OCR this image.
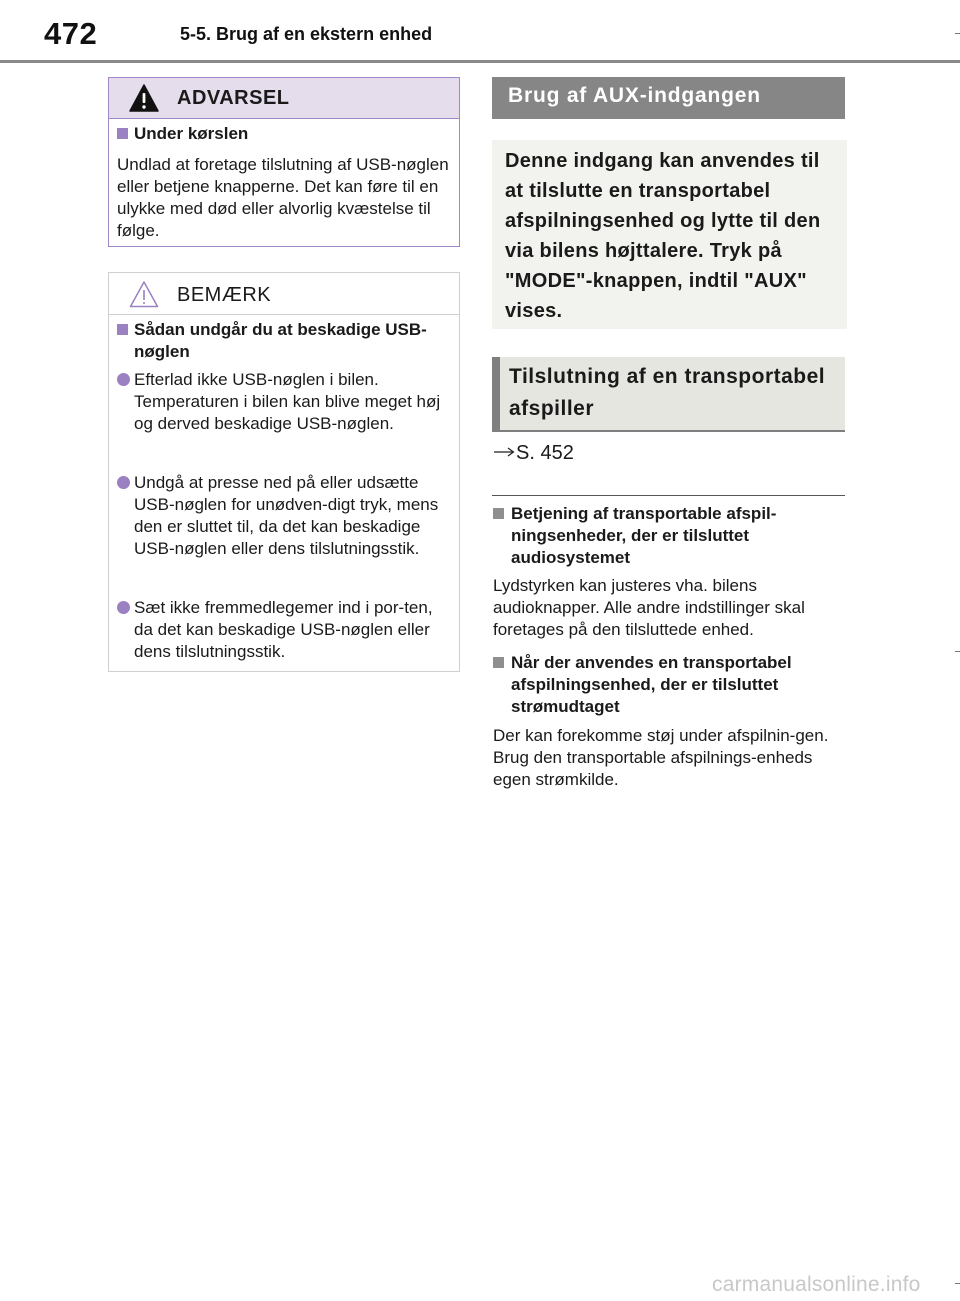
472	5-5. Brug af en ekstern enhed
ADVARSEL
Under kørslen
Undlad at foretage tilslutning af USB-nøglen eller betjene knapperne. Det kan føre til en ulykke med død eller alvorlig kvæstelse til følge.
BEMÆRK
Sådan undgår du at beskadige USB-nøglen
Efterlad ikke USB-nøglen i bilen. Temperaturen i bilen kan blive meget høj og derved beskadige USB-nøglen.
Undgå at presse ned på eller udsætte USB-nøglen for unødven-digt tryk, mens den er sluttet til, da det kan beskadige USB-nøglen eller dens tilslutningsstik.
Sæt ikke fremmedlegemer ind i por-ten, da det kan beskadige USB-nøglen eller dens tilslutningsstik.
Brug af AUX-indgangen
Denne indgang kan anvendes til at tilslutte en transportabel afspilningsenhed og lytte til den via bilens højttalere. Tryk på "MODE"-knappen, indtil "AUX" vises.
Tilslutning af en transportabel afspiller
S. 452
Betjening af transportable afspil-ningsenheder, der er tilsluttet audiosystemet
Lydstyrken kan justeres vha. bilens audioknapper. Alle andre indstillinger skal foretages på den tilsluttede enhed.
Når der anvendes en transportabel afspilningsenhed, der er tilsluttet strømudtaget
Der kan forekomme støj under afspilnin-gen. Brug den transportable afspilnings-enheds egen strømkilde.
carmanualsonline.info
